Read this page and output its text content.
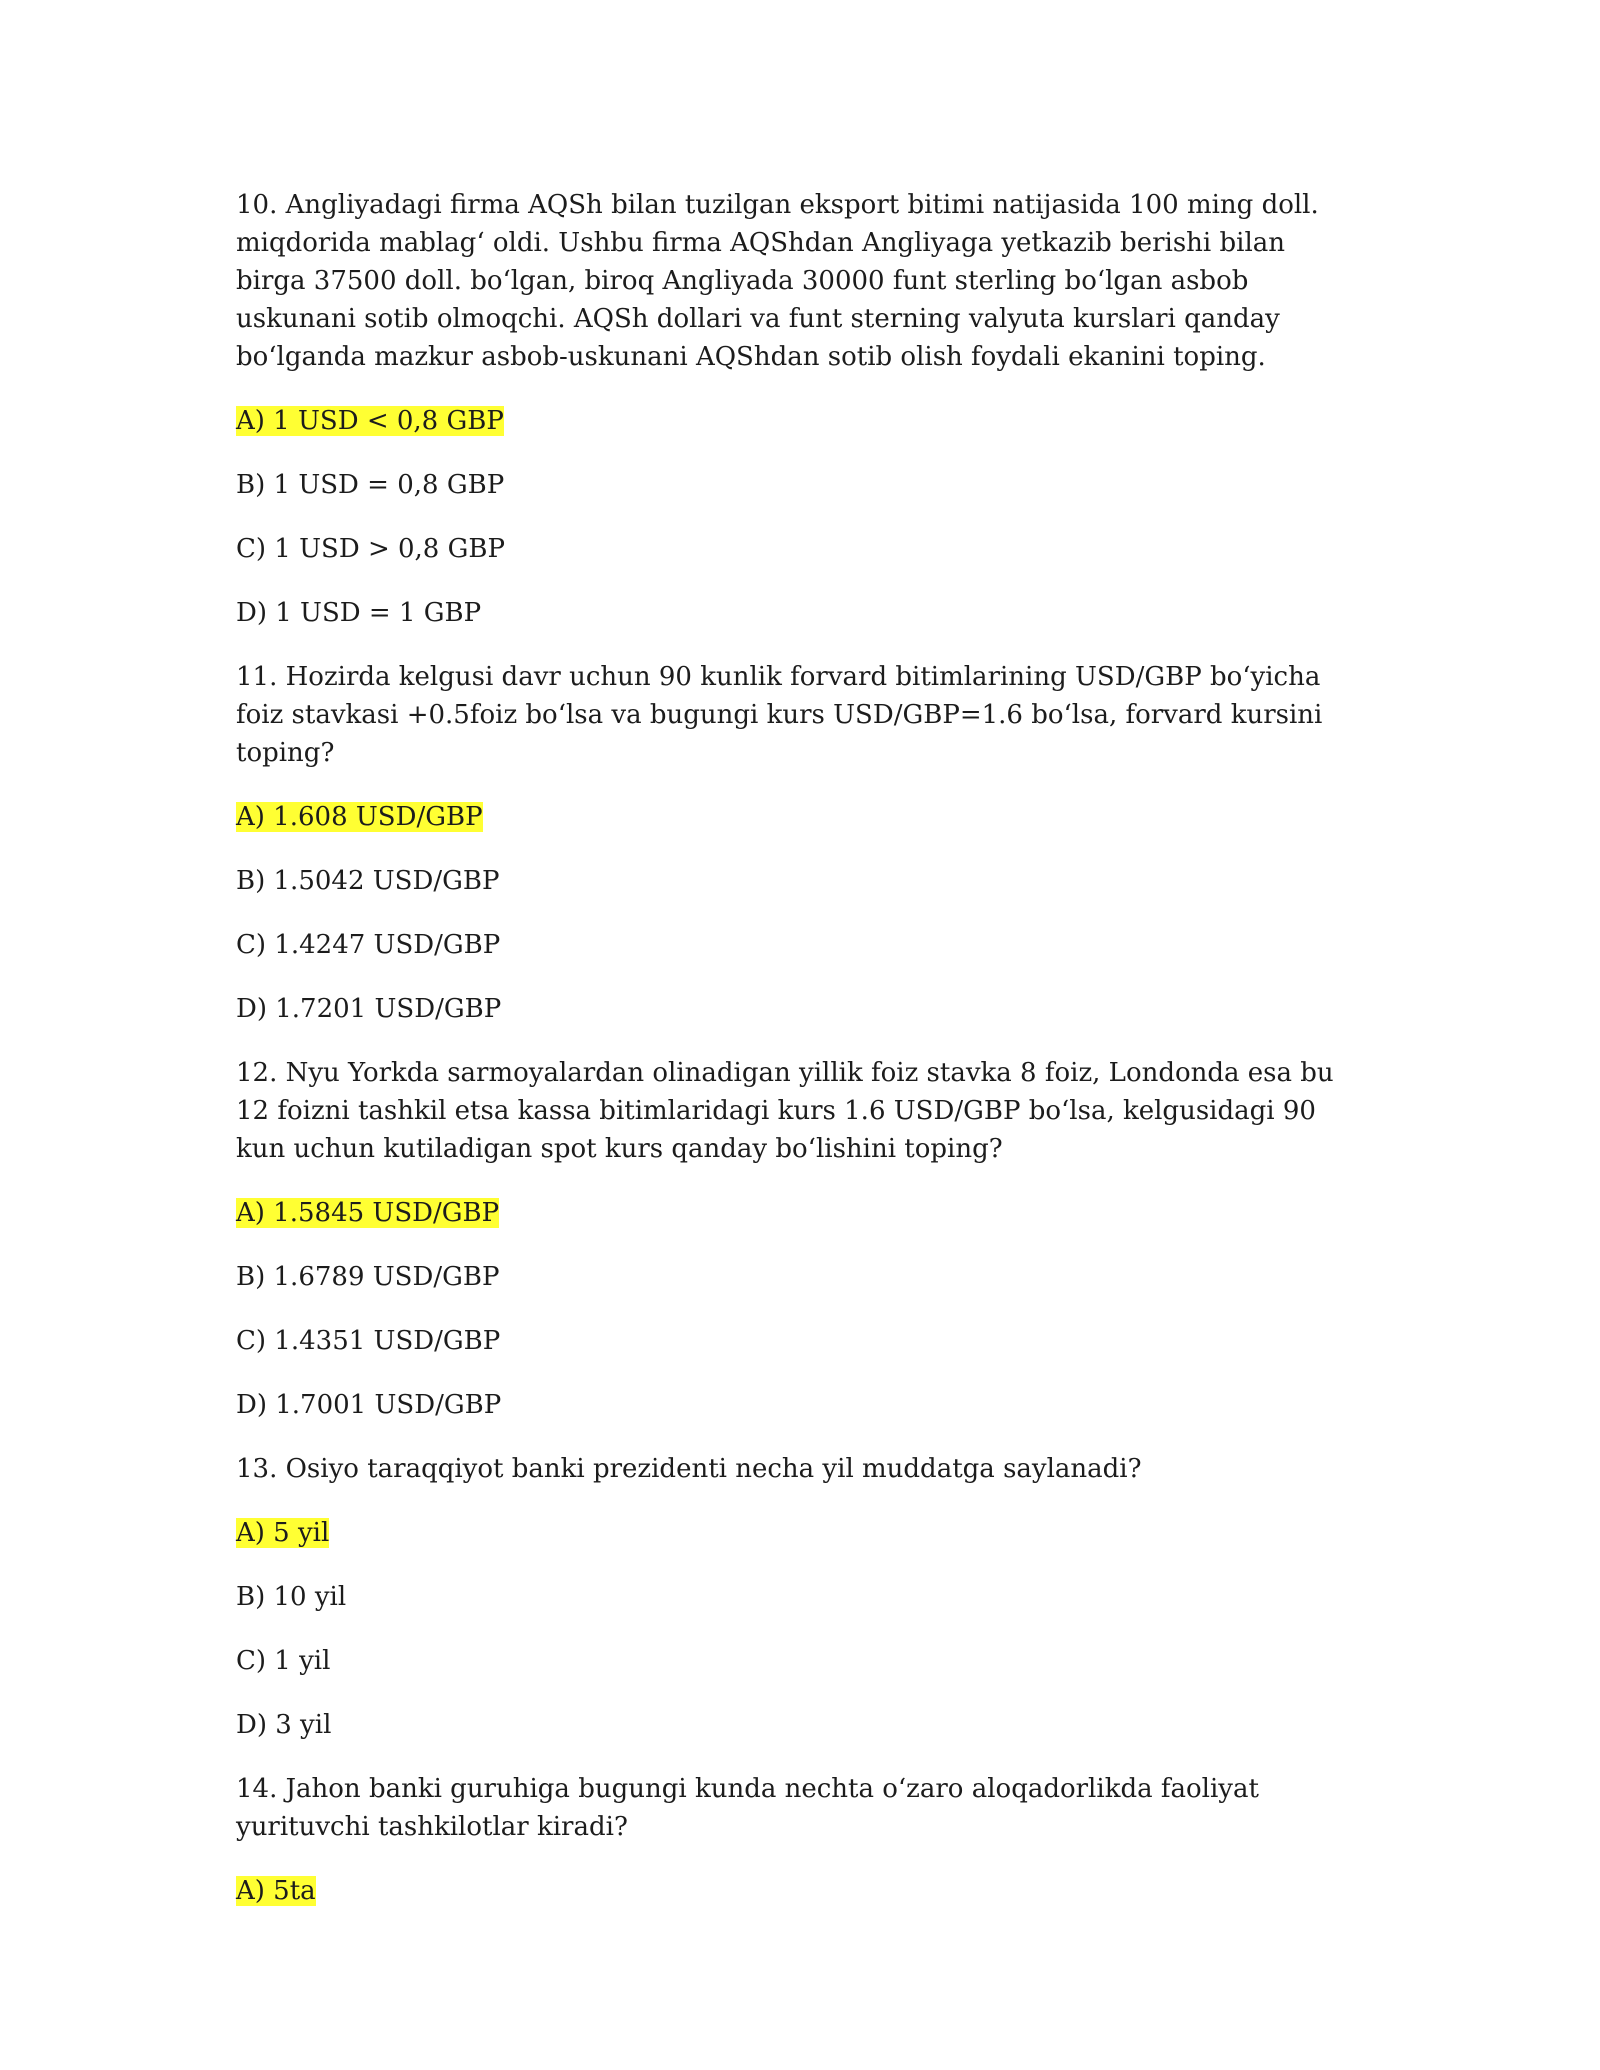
10. Angliyadagi firma AQSh bilan tuzilgan eksport bitimi natijasida 100 ming doll. miqdorida mablag‘ oldi. Ushbu firma AQShdan Angliyaga yetkazib berishi bilan birga 37500 doll. bo‘lgan, biroq Angliyada 30000 funt sterling bo‘lgan asbob uskunani sotib olmoqchi. AQSh dollari va funt sterning valyuta kurslari qanday bo‘lganda mazkur asbob-uskunani AQShdan sotib olish foydali ekanini toping.

A) 1 USD < 0,8 GBP
B) 1 USD = 0,8 GBP
C) 1 USD > 0,8 GBP
D) 1 USD = 1 GBP

11. Hozirda kelgusi davr uchun 90 kunlik forvard bitimlarining USD/GBP bo‘yicha foiz stavkasi +0.5foiz bo‘lsa va bugungi kurs USD/GBP=1.6 bo‘lsa, forvard kursini toping?

A) 1.608 USD/GBP
B) 1.5042 USD/GBP
C) 1.4247 USD/GBP
D) 1.7201 USD/GBP

12. Nyu Yorkda sarmoyalardan olinadigan yillik foiz stavka 8 foiz, Londonda esa bu 12 foizni tashkil etsa kassa bitimlaridagi kurs 1.6 USD/GBP bo‘lsa, kelgusidagi 90 kun uchun kutiladigan spot kurs qanday bo‘lishini toping?

A) 1.5845 USD/GBP
B) 1.6789 USD/GBP
C) 1.4351 USD/GBP
D) 1.7001 USD/GBP

13. Osiyo taraqqiyot banki prezidenti necha yil muddatga saylanadi?

A) 5 yil
B) 10 yil
C) 1 yil
D) 3 yil

14. Jahon banki guruhiga bugungi kunda nechta o‘zaro aloqadorlikda faoliyat yurituvchi tashkilotlar kiradi?

A) 5ta
